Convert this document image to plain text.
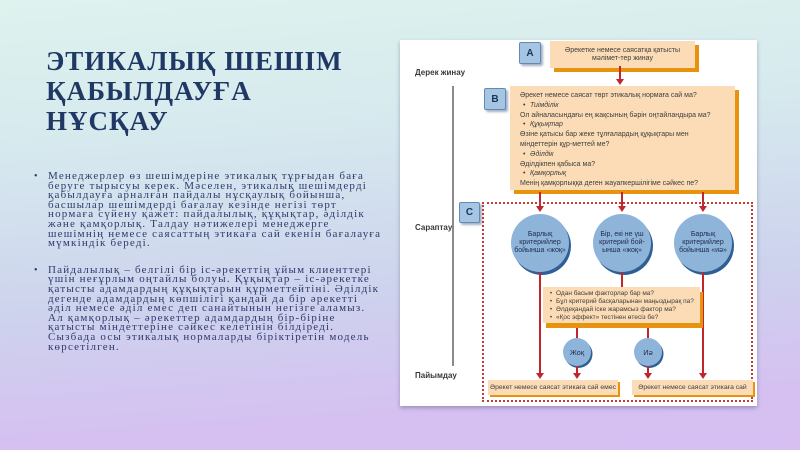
ЭТИКАЛЫҚ ШЕШІМ ҚАБЫЛДАУҒА НҰСҚАУ
• Менеджерлер өз шешімдеріне этикалық тұрғыдан баға беруге тырысуы керек. Мәселен, этикалық шешімдерді қабылдауға арналған пайдалы нұсқаулық бойынша, басшылар шешімдерді бағалау кезінде негізі төрт нормаға сүйену қажет: пайдалылық, құқықтар, әділдік және қамқорлық. Талдау нәтижелері менеджерге шешімнің немесе саясаттың этикаға сай екенін бағалауға мүмкіндік береді.
• Пайдалылық – белгілі бір іс-әрекеттің ұйым клиенттері үшін неғұрлым оңтайлы болуы. Құқықтар – іс-әрекетке қатысты адамдардың құқықтарын құрметтейтіні. Әділдік дегенде адамдардың көпшілігі қандай да бір әрекетті әділ немесе әділ емес деп санайтынын негізге аламыз. Ал қамқорлық – әрекеттер адамдардың бір-біріне қатысты міндеттеріне сәйкес келетінін білдіреді. Сызбада осы этикалық нормаларды біріктіретін модель көрсетілген.
Дерек жинау
Сараптау
Пайымдау
A	Әрекетке немесе саясатқа қатысты мәлімет-тер жинау
B	Әрекет немесе саясат төрт этикалық нормаға сай ма?
• Тиімділік
Ол айналасындағы ең жақсының бәрін оңтайландыра ма?
• Құқықтар
Өзіне қатысы бар жеке тұлғалардың құқықтары мен міндеттерін құр-меттей ме?
• Әділдік
Әділдікпен қабыса ма?
• Қамқорлық
Менің қамқорлыққа деген жауапкершілігіме сәйкес пе?
C
Барлық критерийлер бойынша «жоқ»
Бір, екі не үш критерий бой-ынша «жоқ»
Барлық критерийлер бойынша «иә»
• Одан басым факторлар бар ма?
• Бұл критерий басқаларынан маңыздырақ па?
• Әлдеқандай іске жарамсыз фактор ма?
• «Қос эффект» тестінен өтесіз бе?
Жоқ	Иә
Әрекет немесе саясат этикаға сай емес	Әрекет немесе саясат этикаға сай
